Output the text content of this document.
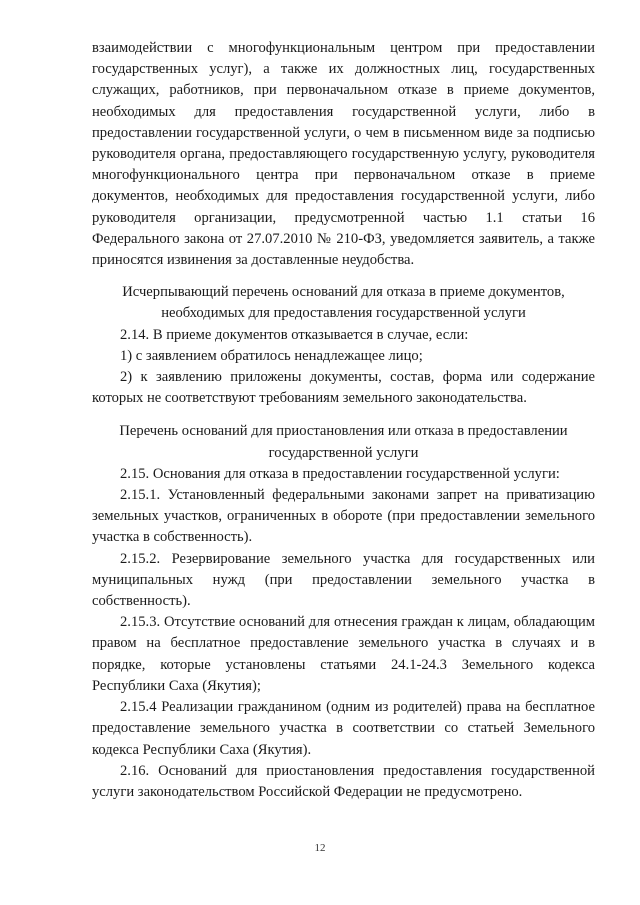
взаимодействии с многофункциональным центром при предоставлении государственных услуг), а также их должностных лиц, государственных служащих, работников, при первоначальном отказе в приеме документов, необходимых для предоставления государственной услуги, либо в предоставлении государственной услуги, о чем в письменном виде за подписью руководителя органа, предоставляющего государственную услугу, руководителя многофункционального центра при первоначальном отказе в приеме документов, необходимых для предоставления государственной услуги, либо руководителя организации, предусмотренной частью 1.1 статьи 16 Федерального закона от 27.07.2010 № 210-ФЗ, уведомляется заявитель, а также приносятся извинения за доставленные неудобства.

Исчерпывающий перечень оснований для отказа в приеме документов,
необходимых для предоставления государственной услуги

2.14. В приеме документов отказывается в случае, если:

1) с заявлением обратилось ненадлежащее лицо;

2) к заявлению приложены документы, состав, форма или содержание которых не соответствуют требованиям земельного законодательства.

Перечень оснований для приостановления или отказа в предоставлении
государственной услуги

2.15. Основания для отказа в предоставлении государственной услуги:

2.15.1. Установленный федеральными законами запрет на приватизацию земельных участков, ограниченных в обороте (при предоставлении земельного участка в собственность).

2.15.2. Резервирование земельного участка для государственных или муниципальных нужд (при предоставлении земельного участка в собственность).

2.15.3. Отсутствие оснований для отнесения граждан к лицам, обладающим правом на бесплатное предоставление земельного участка в случаях и в порядке, которые установлены статьями 24.1-24.3 Земельного кодекса Республики Саха (Якутия);

2.15.4 Реализации гражданином (одним из родителей) права на бесплатное предоставление земельного участка в соответствии со статьей Земельного кодекса Республики Саха (Якутия).

2.16. Оснований для приостановления предоставления государственной услуги законодательством Российской Федерации не предусмотрено.

12
